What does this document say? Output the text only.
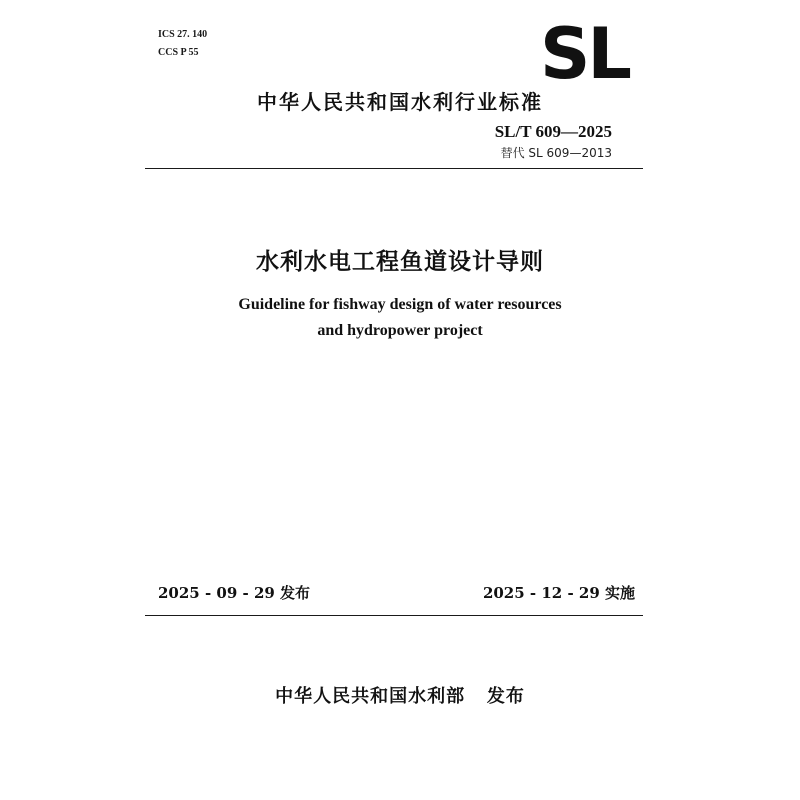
ICS 27. 140
CCS P 55	SL
中华人民共和国水利行业标准
SL/T 609—2025
替代 SL 609—2013
水利水电工程鱼道设计导则
Guideline for fishway design of water resources
and hydropower project
2025 - 09 - 29 发布	2025 - 12 - 29 实施
中华人民共和国水利部   发布
